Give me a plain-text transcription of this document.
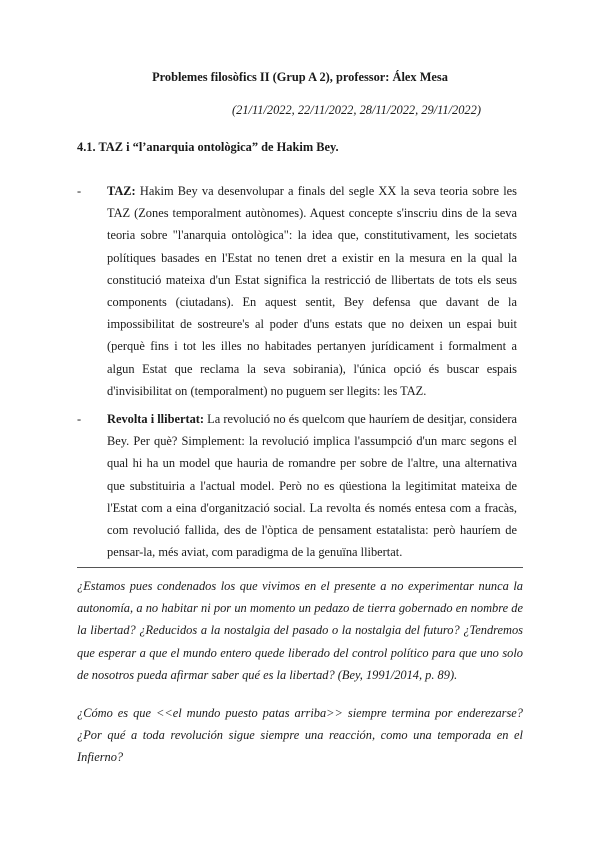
Problemes filosòfics II (Grup A 2), professor: Álex Mesa
(21/11/2022, 22/11/2022, 28/11/2022, 29/11/2022)
4.1. TAZ i “l’anarquia ontològica” de Hakim Bey.
- TAZ: Hakim Bey va desenvolupar a finals del segle XX la seva teoria sobre les TAZ (Zones temporalment autònomes). Aquest concepte s'inscriu dins de la seva teoria sobre "l'anarquia ontològica": la idea que, constitutivament, les societats polítiques basades en l'Estat no tenen dret a existir en la mesura en la qual la constitució mateixa d'un Estat significa la restricció de llibertats de tots els seus components (ciutadans). En aquest sentit, Bey defensa que davant de la impossibilitat de sostreure's al poder d'uns estats que no deixen un espai buit (perquè fins i tot les illes no habitades pertanyen jurídicament i formalment a algun Estat que reclama la seva sobirania), l'única opció és buscar espais d'invisibilitat on (temporalment) no puguem ser llegits: les TAZ.
- Revolta i llibertat: La revolució no és quelcom que hauríem de desitjar, considera Bey. Per què? Simplement: la revolució implica l'assumpció d'un marc segons el qual hi ha un model que hauria de romandre per sobre de l'altre, una alternativa que substituiria a l'actual model. Però no es qüestiona la legitimitat mateixa de l'Estat com a eina d'organització social. La revolta és només entesa com a fracàs, com revolució fallida, des de l'òptica de pensament estatalista: però hauríem de pensar-la, més aviat, com paradigma de la genuïna llibertat.
¿Estamos pues condenados los que vivimos en el presente a no experimentar nunca la autonomía, a no habitar ni por un momento un pedazo de tierra gobernado en nombre de la libertad? ¿Reducidos a la nostalgia del pasado o la nostalgia del futuro? ¿Tendremos que esperar a que el mundo entero quede liberado del control político para que uno solo de nosotros pueda afirmar saber qué es la libertad? (Bey, 1991/2014, p. 89).
¿Cómo es que <<el mundo puesto patas arriba>> siempre termina por enderezarse? ¿Por qué a toda revolución sigue siempre una reacción, como una temporada en el Infierno?
